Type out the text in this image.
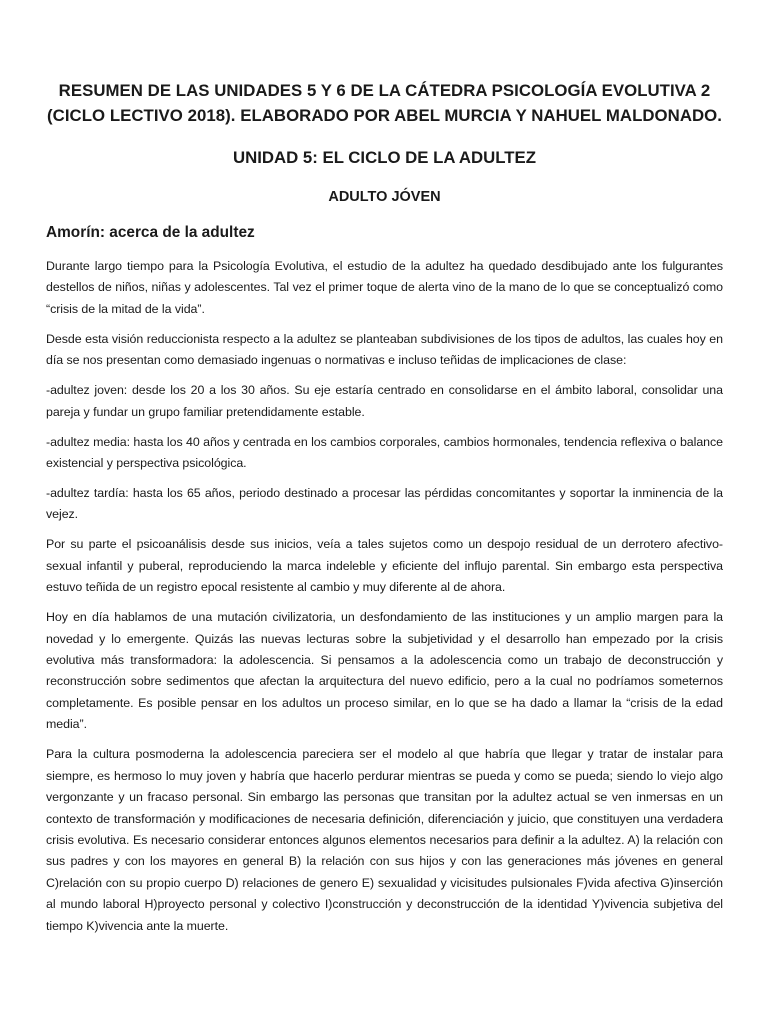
RESUMEN DE LAS UNIDADES 5 Y 6 DE LA CÁTEDRA PSICOLOGÍA EVOLUTIVA 2
(CICLO LECTIVO 2018). ELABORADO POR ABEL MURCIA Y NAHUEL MALDONADO.
UNIDAD 5: EL CICLO DE LA ADULTEZ
ADULTO JÓVEN
Amorín: acerca de la adultez

Durante largo tiempo para la Psicología Evolutiva, el estudio de la adultez ha quedado desdibujado ante los fulgurantes destellos de niños, niñas y adolescentes. Tal vez el primer toque de alerta vino de la mano de lo que se conceptualizó como “crisis de la mitad de la vida”.

Desde esta visión reduccionista respecto a la adultez se planteaban subdivisiones de los tipos de adultos, las cuales hoy en día se nos presentan como demasiado ingenuas o normativas e incluso teñidas de implicaciones de clase:

-adultez joven: desde los 20 a los 30 años. Su eje estaría centrado en consolidarse en el ámbito laboral, consolidar una pareja y fundar un grupo familiar pretendidamente estable.

-adultez media: hasta los 40 años y centrada en los cambios corporales, cambios hormonales, tendencia reflexiva o balance existencial y perspectiva psicológica.

-adultez tardía: hasta los 65 años, periodo destinado a procesar las pérdidas concomitantes y soportar la inminencia de la vejez.

Por su parte el psicoanálisis desde sus inicios, veía a tales sujetos como un despojo residual de un derrotero afectivo-sexual infantil y puberal, reproduciendo la marca indeleble y eficiente del influjo parental. Sin embargo esta perspectiva estuvo teñida de un registro epocal resistente al cambio y muy diferente al de ahora.

Hoy en día hablamos de una mutación civilizatoria, un desfondamiento de las instituciones y un amplio margen para la novedad y lo emergente. Quizás las nuevas lecturas sobre la subjetividad y el desarrollo han empezado por la crisis evolutiva más transformadora: la adolescencia. Si pensamos a la adolescencia como un trabajo de deconstrucción y reconstrucción sobre sedimentos que afectan la arquitectura del nuevo edificio, pero a la cual no podríamos someternos completamente. Es posible pensar en los adultos un proceso similar, en lo que se ha dado a llamar la “crisis de la edad media”.

Para la cultura posmoderna la adolescencia pareciera ser el modelo al que habría que llegar y tratar de instalar para siempre, es hermoso lo muy joven y habría que hacerlo perdurar mientras se pueda y como se pueda; siendo lo viejo algo vergonzante y un fracaso personal. Sin embargo las personas que transitan por la adultez actual se ven inmersas en un contexto de transformación y modificaciones de necesaria definición, diferenciación y juicio, que constituyen una verdadera crisis evolutiva. Es necesario considerar entonces algunos elementos necesarios para definir a la adultez. A) la relación con sus padres y con los mayores en general B) la relación con sus hijos y con las generaciones más jóvenes en general C)relación con su propio cuerpo D) relaciones de genero E) sexualidad y vicisitudes pulsionales F)vida afectiva G)inserción al mundo laboral H)proyecto personal y colectivo I)construcción y deconstrucción de la identidad Y)vivencia subjetiva del tiempo K)vivencia ante la muerte.
